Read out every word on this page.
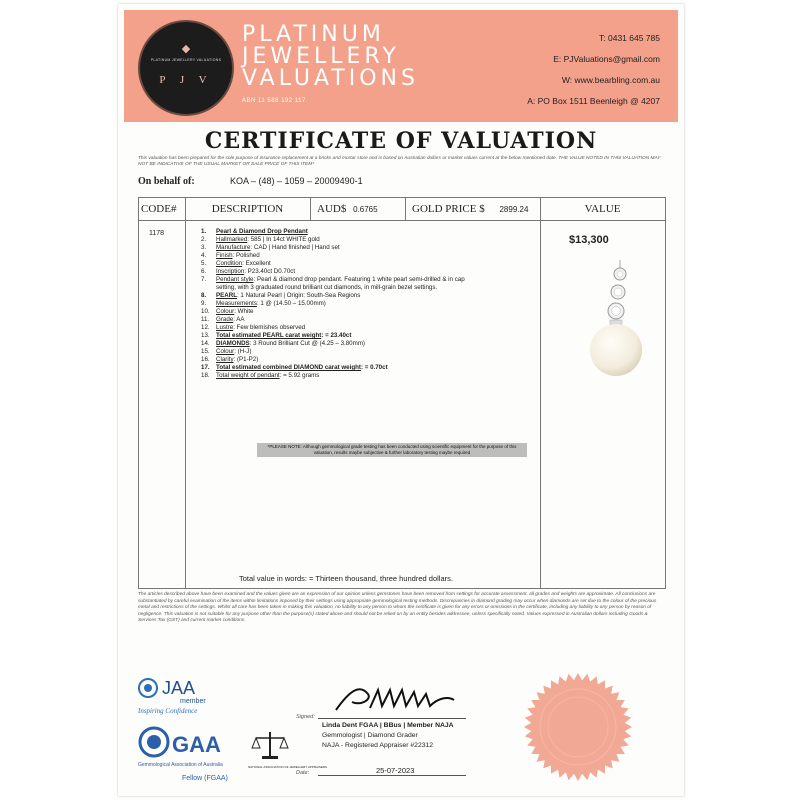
◆
PLATINUM JEWELLERY VALUATIONS
P J V
PLATINUM
JEWELLERY
VALUATIONS
ABN 11 588 192 117
T: 0431 645 785
E: PJValuations@gmail.com
W: www.bearbling.com.au
A: PO Box 1511 Beenleigh @ 4207
CERTIFICATE OF VALUATION
This valuation has been prepared for the sole purpose of insurance replacement at a bricks and mortar store and is based on Australian dollars or market values current at the below mentioned date. THE VALUE NOTED IN THIS VALUATION MAY NOT BE INDICATIVE OF THE USUAL MARKET OR SALE PRICE OF THIS ITEM*
On behalf of:	KOA – (48) – 1059 – 20009490-1
CODE#	DESCRIPTION	AUD$ 0.6765	GOLD PRICE $ 2899.24	VALUE
1178	1.	Pearl & Diamond Drop Pendant
2.	Hallmarked: 585 | In 14ct WHITE gold
3.	Manufacture: CAD | Hand finished | Hand set
4.	Finish: Polished
5.	Condition: Excellent
6.	Inscription: P23.40ct D0.70ct
7.	Pendant style: Pearl & diamond drop pendant. Featuring 1 white pearl semi-drilled & in cap
setting, with 3 graduated round brilliant cut diamonds, in mill-grain bezel settings.
8.	PEARL: 1 Natural Pearl | Origin: South-Sea Regions
9.	Measurements: 1 @ (14.50 – 15.00mm)
10.	Colour: White
11.	Grade: AA
12.	Lustre: Few blemishes observed
13.	Total estimated PEARL carat weight: = 23.40ct
14.	DIAMONDS: 3 Round Brilliant Cut @ (4.25 – 3.80mm)
15.	Colour: (H-J)
16.	Clarity: (P1-P2)
17.	Total estimated combined DIAMOND carat weight: = 0.70ct
18.	Total weight of pendant: = 5.92 grams
*PLEASE NOTE: Although gemmological grade testing has been conducted using scientific equipment for the purpose of this valuation, results maybe subjective & further laboratory testing maybe required
Total value in words: = Thirteen thousand, three hundred dollars.
$13,300
The articles described above have been examined and the values given are an expression of our opinion unless gemstones have been removed from settings for accurate assessment, all grades and weights are approximate. All conclusions are substantiated by careful examination of the items within limitations imposed by their settings using appropriate gemmological testing methods. Discrepancies in diamond grading may occur when diamonds are set due to the colour of the precious metal and restrictions of the settings. Whilst all care has been taken in making this valuation, no liability to any person to whom the certificate is given for any errors or omissions in the certificate, including any liability to any person by reason of negligence. This valuation is not suitable for any purpose other than the purpose(s) stated above and should not be relied on by an entity besides addressee, unless specifically noted. Values expressed in Australian dollars including Goods & Services Tax (GST) and current market conditions.
JAA
member
Inspiring Confidence
GAA
Gemmological Association of Australia
Fellow (FGAA)
NATIONAL ASSOCIATION OF JEWELLERY APPRAISERS
Signed:
Linda Dent FGAA | BBus | Member NAJA
Gemmologist | Diamond Grader
NAJA - Registered Appraiser #22312
Date:	25-07-2023
